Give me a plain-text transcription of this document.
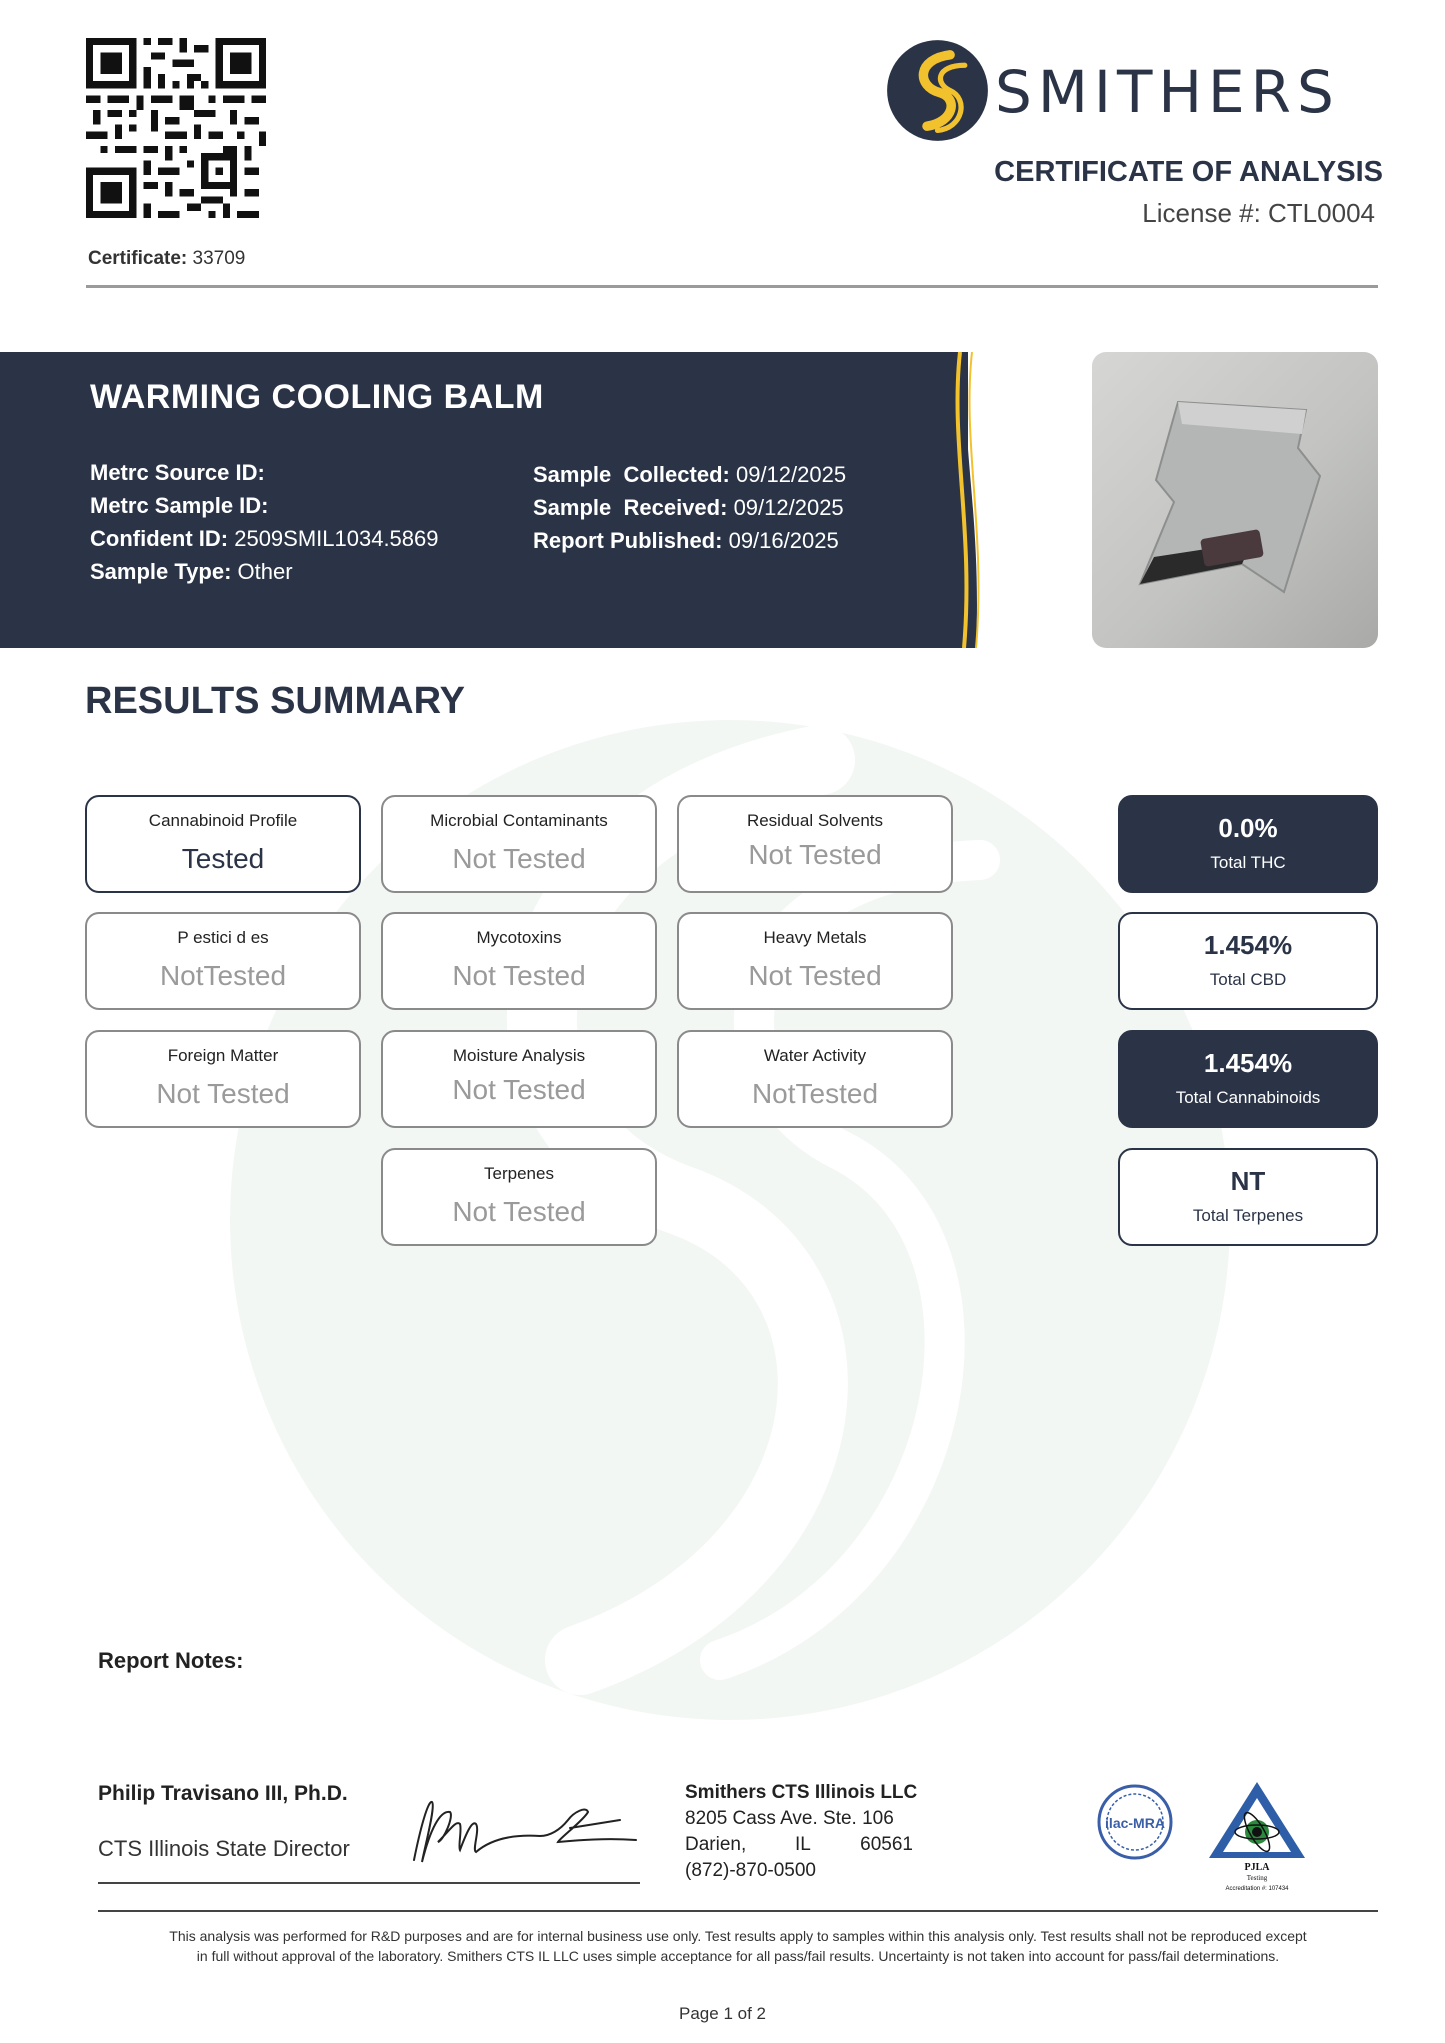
Certificate: 33709
SMITHERS
CERTIFICATE OF ANALYSIS
License #: CTL0004
WARMING COOLING BALM
Metrc Source ID:
Metrc Sample ID:
Confident ID: 2509SMIL1034.5869
Sample Type: Other
Sample  Collected: 09/12/2025
Sample  Received: 09/12/2025
Report Published: 09/16/2025
RESULTS SUMMARY
Cannabinoid Profile
Tested
Microbial Contaminants
Not Tested
Residual Solvents
Not Tested
P estici d es
NotTested
Mycotoxins
Not Tested
Heavy Metals
Not Tested
Foreign Matter
Not Tested
Moisture Analysis
Not Tested
Water Activity
NotTested
Terpenes
Not Tested
0.0%
Total THC
1.454%
Total CBD
1.454%
Total Cannabinoids
NT
Total Terpenes
Report Notes:
Philip Travisano III, Ph.D.
CTS Illinois State Director
Smithers CTS Illinois LLC
8205 Cass Ave. Ste. 106
Darien,	IL	60561
(872)-870-0500
ilac-MRA
PJLA
Testing
Accreditation #: 107434
This analysis was performed for R&D purposes and are for internal business use only. Test results apply to samples within this analysis only. Test results shall not be reproduced except
in full without approval of the laboratory. Smithers CTS IL LLC uses simple acceptance for all pass/fail results. Uncertainty is not taken into account for pass/fail determinations.
Page 1 of 2
